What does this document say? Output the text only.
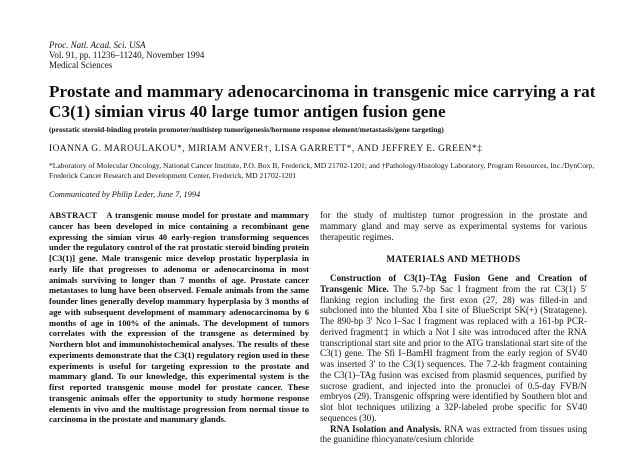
Proc. Natl. Acad. Sci. USA
Vol. 91, pp. 11236–11240, November 1994
Medical Sciences
Prostate and mammary adenocarcinoma in transgenic mice carrying a rat C3(1) simian virus 40 large tumor antigen fusion gene
(prostatic steroid-binding protein promoter/multistep tumorigenesis/hormone response element/metastasis/gene targeting)
IOANNA G. MAROULAKOU*, MIRIAM ANVER†, LISA GARRETT*, AND JEFFREY E. GREEN*‡
*Laboratory of Molecular Oncology, National Cancer Institute, P.O. Box B, Frederick, MD 21702-1201; and †Pathology/Histology Laboratory, Program Resources, Inc./DynCorp, Frederick Cancer Research and Development Center, Frederick, MD 21702-1201
Communicated by Philip Leder, June 7, 1994
ABSTRACT A transgenic mouse model for prostate and mammary cancer has been developed in mice containing a recombinant gene expressing the simian virus 40 early-region transforming sequences under the regulatory control of the rat prostatic steroid binding protein [C3(1)] gene. Male transgenic mice develop prostatic hyperplasia in early life that progresses to adenoma or adenocarcinoma in most animals surviving to longer than 7 months of age. Prostate cancer metastases to lung have been observed. Female animals from the same founder lines generally develop mammary hyperplasia by 3 months of age with subsequent development of mammary adenocarcinoma by 6 months of age in 100% of the animals. The development of tumors correlates with the expression of the transgene as determined by Northern blot and immunohistochemical analyses. The results of these experiments demonstrate that the C3(1) regulatory region used in these experiments is useful for targeting expression to the prostate and mammary gland. To our knowledge, this experimental system is the first reported transgenic mouse model for prostate cancer. These transgenic animals offer the opportunity to study hormone response elements in vivo and the multistage progression from normal tissue to carcinoma in the prostate and mammary glands.
for the study of multistep tumor progression in the prostate and mammary gland and may serve as experimental systems for various therapeutic regimes.
MATERIALS AND METHODS
Construction of C3(1)–TAg Fusion Gene and Creation of Transgenic Mice. The 5.7-bp Sac I fragment from the rat C3(1) 5′ flanking region including the first exon (27, 28) was filled-in and subcloned into the blunted Xba I site of BlueScript SK(+) (Stratagene). The 890-bp 3′ Nco I–Sac I fragment was replaced with a 161-bp PCR-derived fragment‡ in which a Not I site was introduced after the RNA transcriptional start site and prior to the ATG translational start site of the C3(1) gene. The Sfi I–BamHI fragment from the early region of SV40 was inserted 3′ to the C3(1) sequences. The 7.2-kb fragment containing the C3(1)–TAg fusion was excised from plasmid sequences, purified by sucrose gradient, and injected into the pronuclei of 0.5-day FVB/N embryos (29). Transgenic offspring were identified by Southern blot and slot blot techniques utilizing a 32P-labeled probe specific for SV40 sequences (30).
RNA Isolation and Analysis. RNA was extracted from tissues using the guanidine thiocyanate/cesium chloride
